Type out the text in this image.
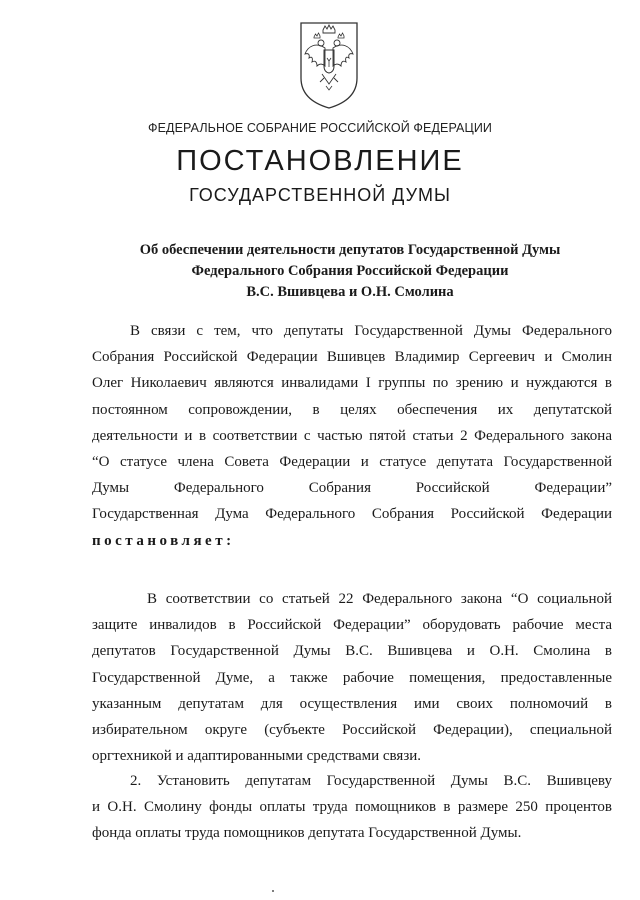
ФЕДЕРАЛЬНОЕ СОБРАНИЕ РОССИЙСКОЙ ФЕДЕРАЦИИ
ПОСТАНОВЛЕНИЕ
ГОСУДАРСТВЕННОЙ ДУМЫ
Об обеспечении деятельности депутатов Государственной Думы
Федерального Собрания Российской Федерации
В.С. Вшивцева и О.Н. Смолина
В связи с тем, что депутаты Государственной Думы Федерального
Собрания Российской Федерации Вшивцев Владимир Сергеевич и Смолин
Олег Николаевич являются инвалидами I группы по зрению и нуждаются в
постоянном сопровождении, в целях обеспечения их депутатской
деятельности и в соответствии с частью пятой статьи 2 Федерального закона
“О статусе члена Совета Федерации и статусе депутата Государственной
Думы Федерального Собрания Российской Федерации”
Государственная Дума Федерального Собрания Российской Федерации
постановляет:
В соответствии со статьей 22 Федерального закона “О социальной
защите инвалидов в Российской Федерации” оборудовать рабочие места
депутатов Государственной Думы В.С. Вшивцева и О.Н. Смолина в
Государственной Думе, а также рабочие помещения, предоставленные
указанным депутатам для осуществления ими своих полномочий в
избирательном округе (субъекте Российской Федерации), специальной
оргтехникой и адаптированными средствами связи.
2. Установить депутатам Государственной Думы В.С. Вшивцеву
и О.Н. Смолину фонды оплаты труда помощников в размере 250 процентов
фонда оплаты труда помощников депутата Государственной Думы.
